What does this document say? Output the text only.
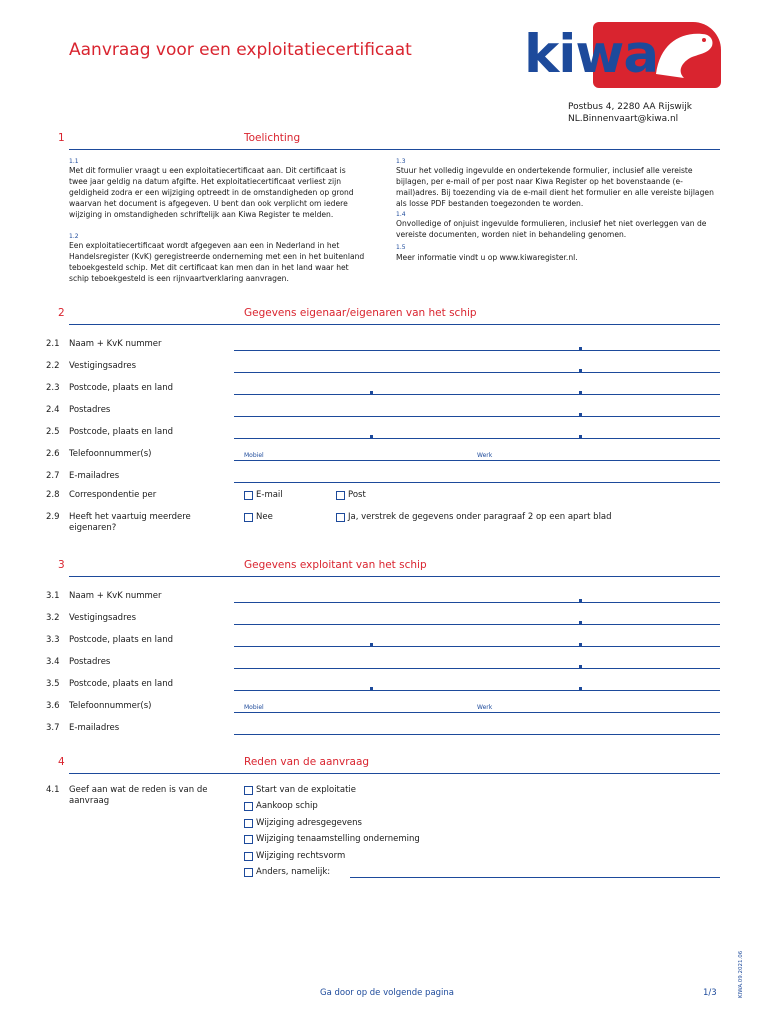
Aanvraag voor een exploitatiecertificaat kiwa
Postbus 4, 2280 AA Rijswijk
NL.Binnenvaart@kiwa.nl
1	Toelichting
1.1
Met dit formulier vraagt u een exploitatiecertificaat aan. Dit certificaat is twee jaar geldig na datum afgifte. Het exploitatiecertificaat verliest zijn geldigheid zodra er een wijziging optreedt in de omstandigheden op grond waarvan het document is afgegeven. U bent dan ook verplicht om iedere wijziging in omstandigheden schriftelijk aan Kiwa Register te melden.
1.2
Een exploitatiecertificaat wordt afgegeven aan een in Nederland in het Handelsregister (KvK) geregistreerde onderneming met een in het buitenland teboekgesteld schip. Met dit certificaat kan men dan in het land waar het schip teboekgesteld is een rijnvaartverklaring aanvragen.
1.3
Stuur het volledig ingevulde en ondertekende formulier, inclusief alle vereiste bijlagen, per e-mail of per post naar Kiwa Register op het bovenstaande (e-mail)adres. Bij toezending via de e-mail dient het formulier en alle vereiste bijlagen als losse PDF bestanden toegezonden te worden.
1.4
Onvolledige of onjuist ingevulde formulieren, inclusief het niet overleggen van de vereiste documenten, worden niet in behandeling genomen.
1.5
Meer informatie vindt u op www.kiwaregister.nl.
2	Gegevens eigenaar/eigenaren van het schip
2.1 Naam + KvK nummer
2.2 Vestigingsadres
2.3 Postcode, plaats en land
2.4 Postadres
2.5 Postcode, plaats en land
2.6 Telefoonnummer(s)	Mobiel	Werk
2.7 E-mailadres
2.8 Correspondentie per	E-mail	Post
2.9 Heeft het vaartuig meerdere eigenaren?
Nee	Ja, verstrek de gegevens onder paragraaf 2 op een apart blad
3	Gegevens exploitant van het schip
3.1 Naam + KvK nummer
3.2 Vestigingsadres
3.3 Postcode, plaats en land
3.4 Postadres
3.5 Postcode, plaats en land
3.6 Telefoonnummer(s)	Mobiel	Werk
3.7 E-mailadres
4	Reden van de aanvraag
4.1 Geef aan wat de reden is van de aanvraag
Start van de exploitatie
Aankoop schip
Wijziging adresgegevens
Wijziging tenaamstelling onderneming
Wijziging rechtsvorm
Anders, namelijk:
Ga door op de volgende pagina	1/3	KIWA.09.2021.06
